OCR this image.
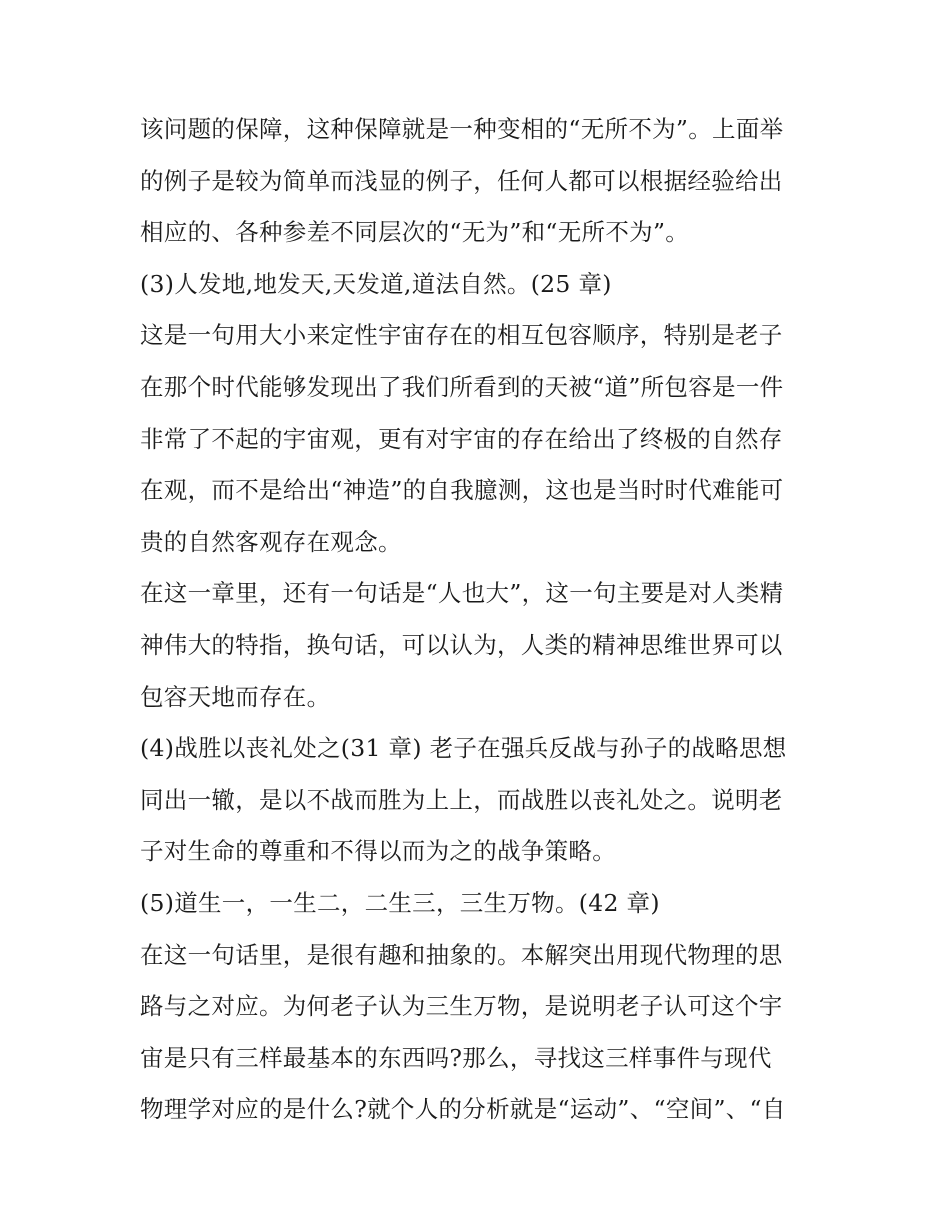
该问题的保障，这种保障就是一种变相的“无所不为”。上面举
的例子是较为简单而浅显的例子，任何人都可以根据经验给出
相应的、各种参差不同层次的“无为”和“无所不为”。
(3)人发地,地发天,天发道,道法自然。(25 章)
这是一句用大小来定性宇宙存在的相互包容顺序，特别是老子
在那个时代能够发现出了我们所看到的天被“道”所包容是一件
非常了不起的宇宙观，更有对宇宙的存在给出了终极的自然存
在观，而不是给出“神造”的自我臆测，这也是当时时代难能可
贵的自然客观存在观念。
在这一章里，还有一句话是“人也大”，这一句主要是对人类精
神伟大的特指，换句话，可以认为，人类的精神思维世界可以
包容天地而存在。
(4)战胜以丧礼处之(31 章) 老子在强兵反战与孙子的战略思想
同出一辙，是以不战而胜为上上，而战胜以丧礼处之。说明老
子对生命的尊重和不得以而为之的战争策略。
(5)道生一，一生二，二生三，三生万物。(42 章)
在这一句话里，是很有趣和抽象的。本解突出用现代物理的思
路与之对应。为何老子认为三生万物，是说明老子认可这个宇
宙是只有三样最基本的东西吗?那么，寻找这三样事件与现代
物理学对应的是什么?就个人的分析就是“运动”、“空间”、“自
